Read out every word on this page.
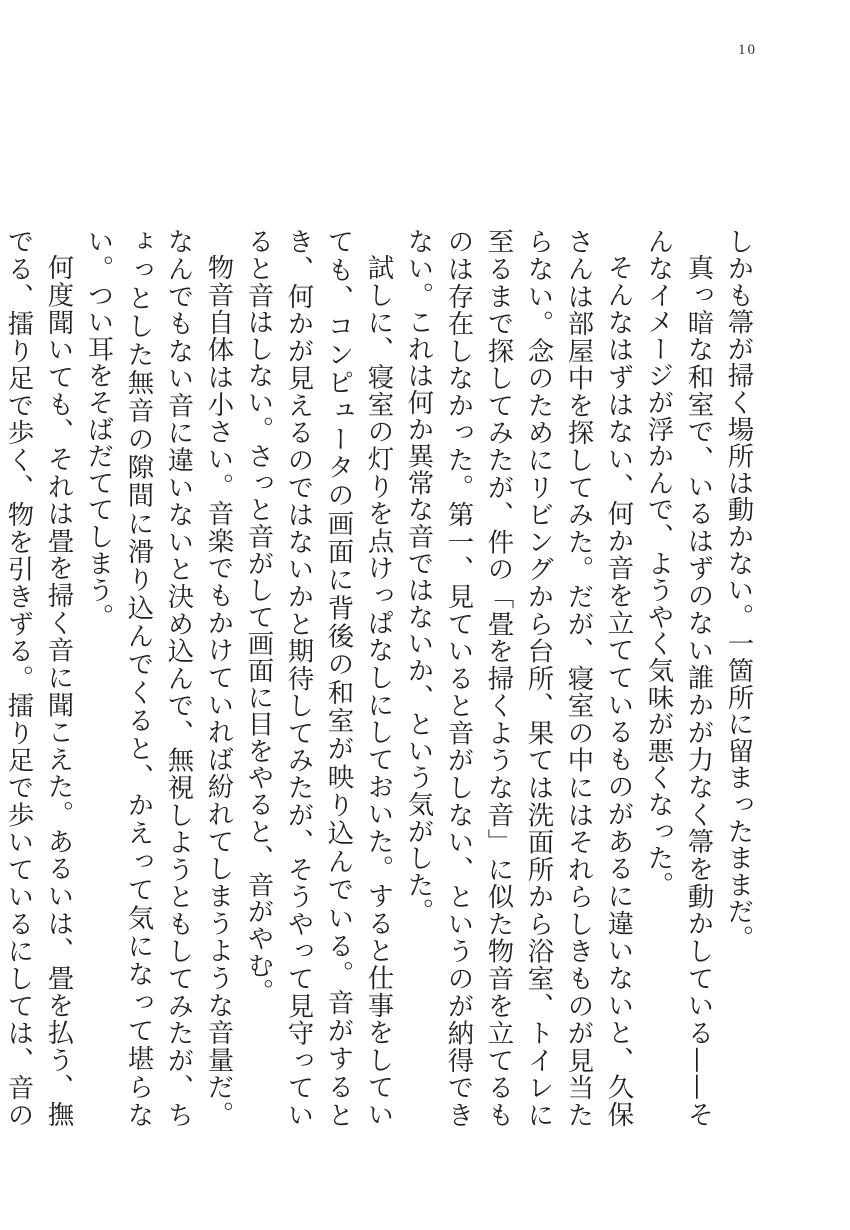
10

しかも箒が掃く場所は動かない。一箇所に留まったままだ。

真っ暗な和室で、いるはずのない誰かが力なく箒を動かしている——そんなイメージが浮かんで、ようやく気味が悪くなった。

そんなはずはない、何か音を立てているものがあるに違いないと、久保さんは部屋中を探してみた。だが、寝室の中にはそれらしきものが見当たらない。念のためにリビングから台所、果ては洗面所から浴室、トイレに至るまで探してみたが、件の「畳を掃くような音」に似た物音を立てるものは存在しなかった。第一、見ていると音がしない、というのが納得できない。これは何か異常な音ではないか、という気がした。

試しに、寝室の灯りを点けっぱなしにしておいた。すると仕事をしていても、コンピュータの画面に背後の和室が映り込んでいる。音がするとき、何かが見えるのではないかと期待してみたが、そうやって見守っていると音はしない。さっと音がして画面に目をやると、音がやむ。

物音自体は小さい。音楽でもかけていれば紛れてしまうような音量だ。なんでもない音に違いないと決め込んで、無視しようともしてみたが、ちょっとした無音の隙間に滑り込んでくると、かえって気になって堪らない。つい耳をそばだててしまう。

何度聞いても、それは畳を掃く音に聞こえた。あるいは、畳を払う、撫でる、擂り足で歩く、物を引きずる。擂り足で歩いているにしては、音の
